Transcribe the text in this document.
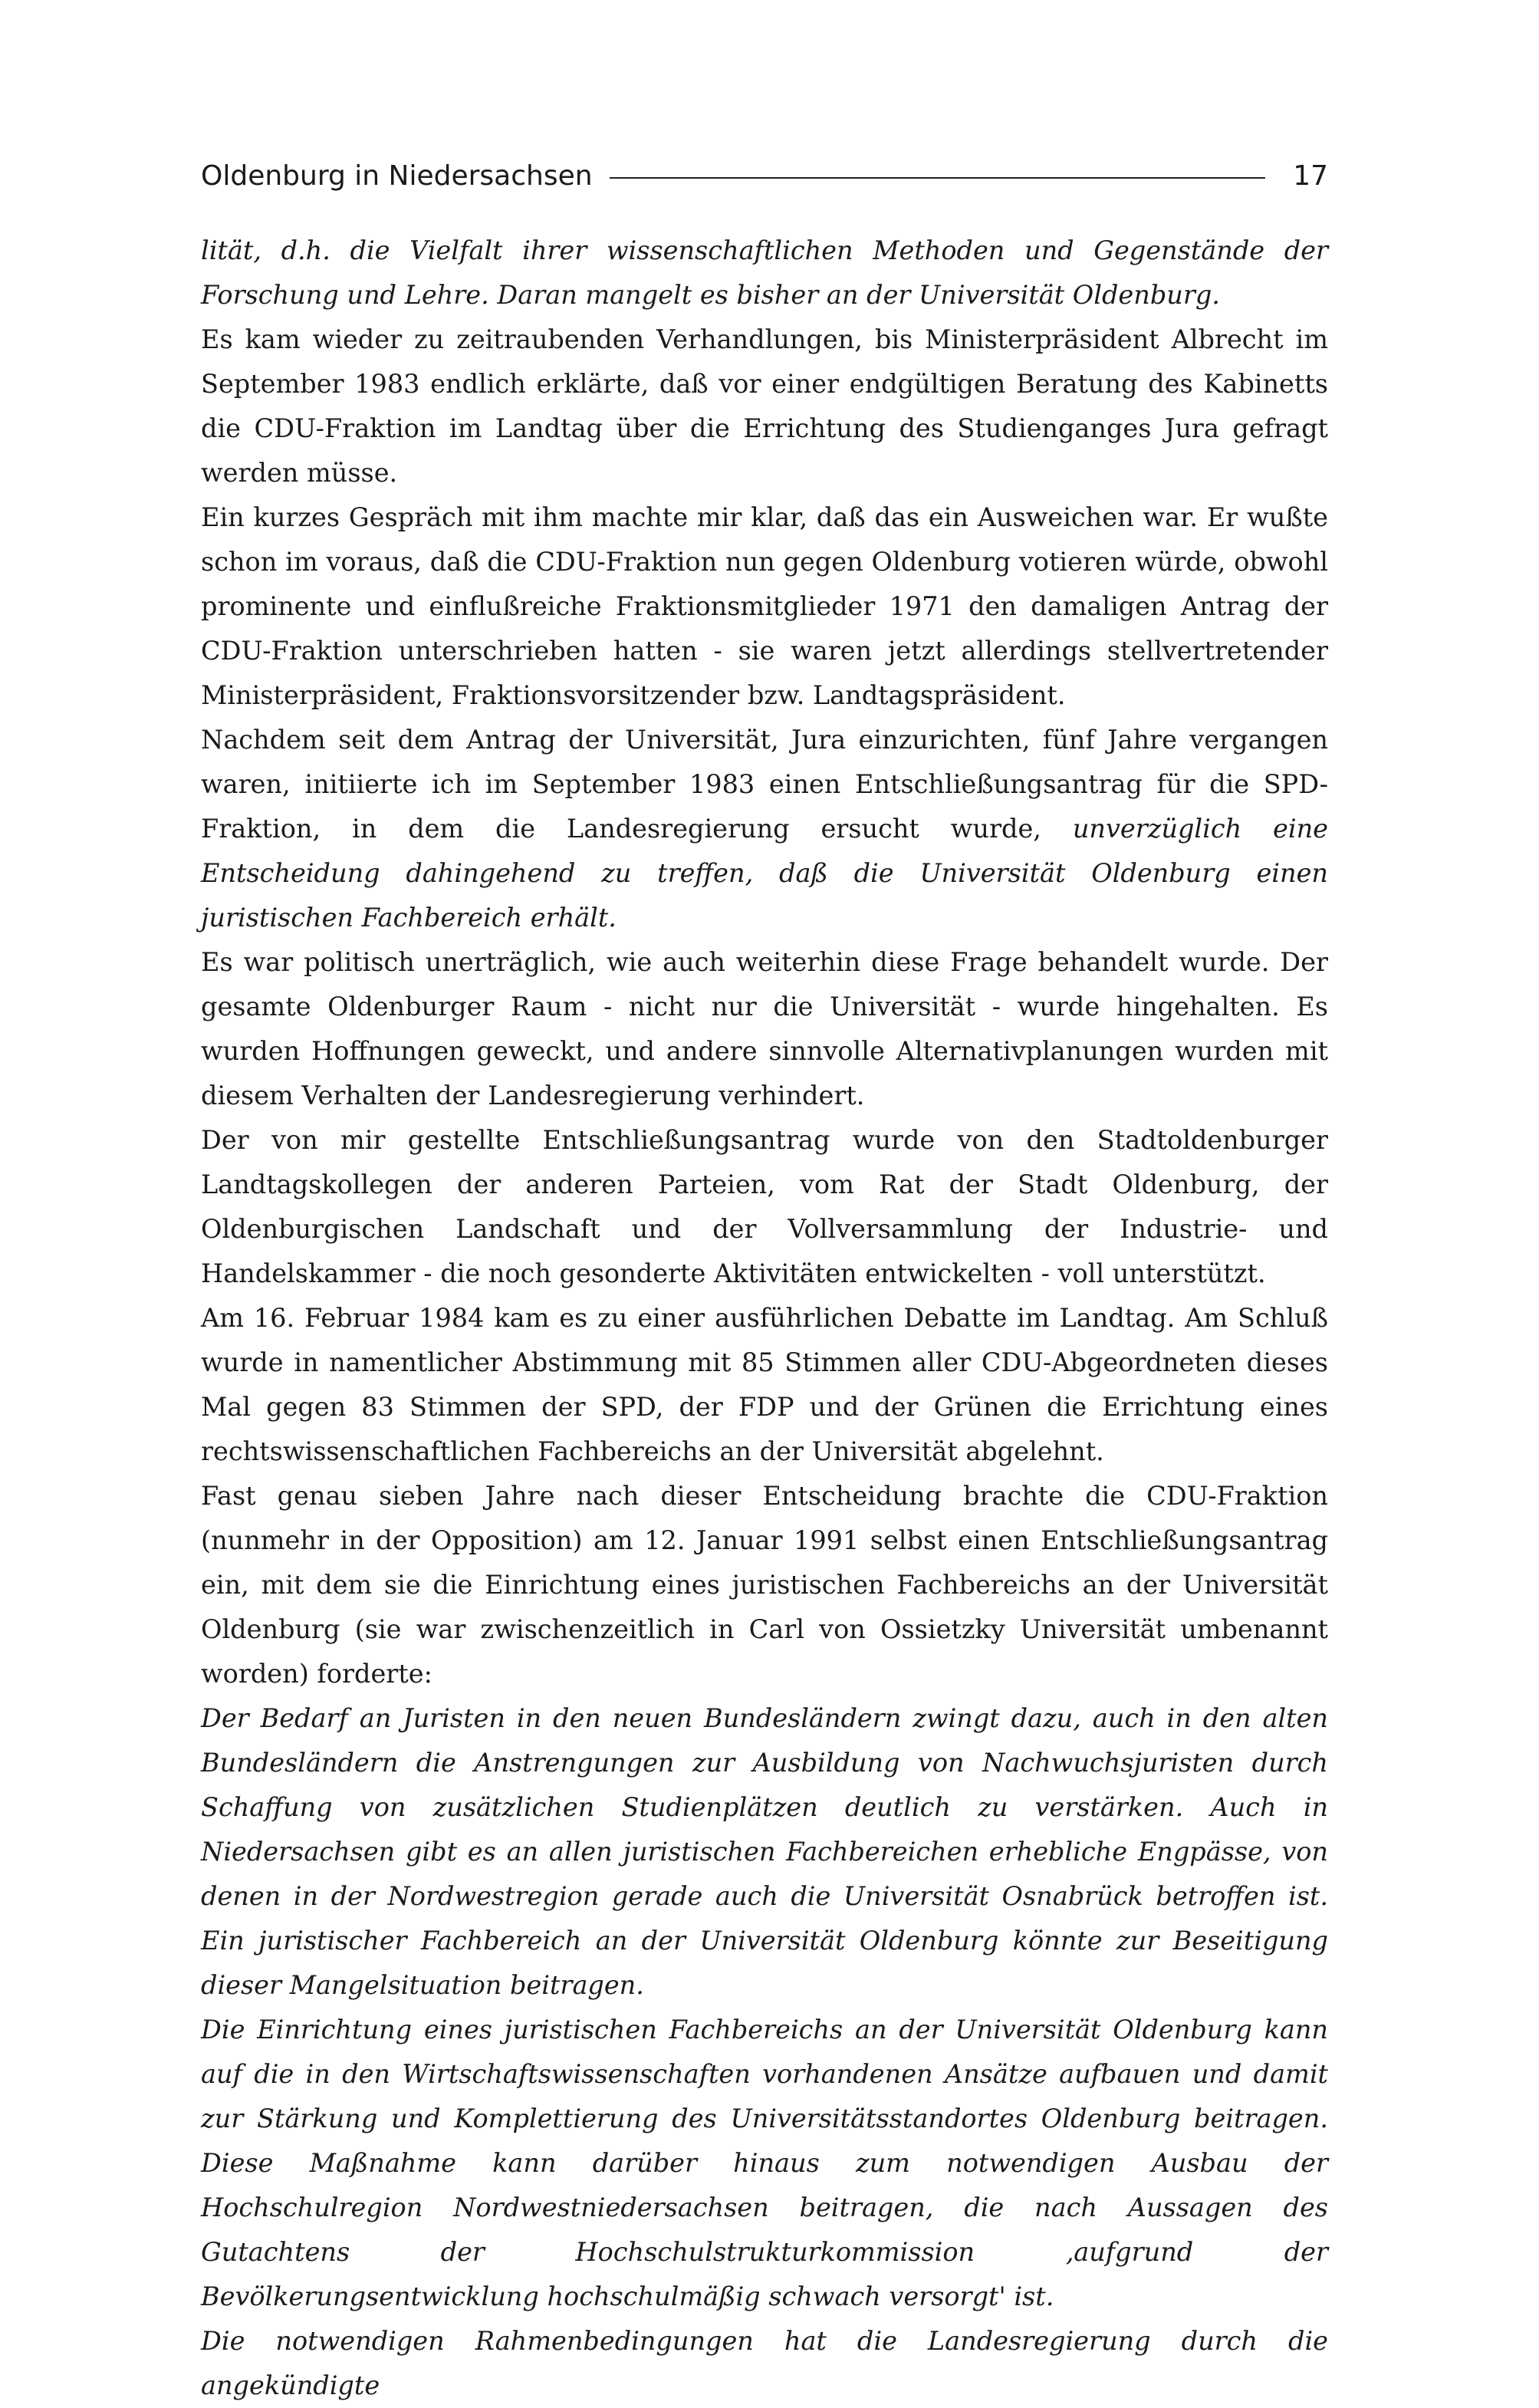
Oldenburg in Niedersachsen	17

lität, d.h. die Vielfalt ihrer wissenschaftlichen Methoden und Gegenstände der Forschung und Lehre. Daran mangelt es bisher an der Universität Oldenburg.

Es kam wieder zu zeitraubenden Verhandlungen, bis Ministerpräsident Albrecht im September 1983 endlich erklärte, daß vor einer endgültigen Beratung des Kabinetts die CDU-Fraktion im Landtag über die Errichtung des Studienganges Jura gefragt werden müsse.

Ein kurzes Gespräch mit ihm machte mir klar, daß das ein Ausweichen war. Er wußte schon im voraus, daß die CDU-Fraktion nun gegen Oldenburg votieren würde, obwohl prominente und einflußreiche Fraktionsmitglieder 1971 den damaligen Antrag der CDU-Fraktion unterschrieben hatten - sie waren jetzt allerdings stellvertretender Ministerpräsident, Fraktionsvorsitzender bzw. Landtagspräsident.

Nachdem seit dem Antrag der Universität, Jura einzurichten, fünf Jahre vergangen waren, initiierte ich im September 1983 einen Entschließungsantrag für die SPD-Fraktion, in dem die Landesregierung ersucht wurde, unverzüglich eine Entscheidung dahingehend zu treffen, daß die Universität Oldenburg einen juristischen Fachbereich erhält.

Es war politisch unerträglich, wie auch weiterhin diese Frage behandelt wurde. Der gesamte Oldenburger Raum - nicht nur die Universität - wurde hingehalten. Es wurden Hoffnungen geweckt, und andere sinnvolle Alternativplanungen wurden mit diesem Verhalten der Landesregierung verhindert.

Der von mir gestellte Entschließungsantrag wurde von den Stadtoldenburger Landtagskollegen der anderen Parteien, vom Rat der Stadt Oldenburg, der Oldenburgischen Landschaft und der Vollversammlung der Industrie- und Handelskammer - die noch gesonderte Aktivitäten entwickelten - voll unterstützt.

Am 16. Februar 1984 kam es zu einer ausführlichen Debatte im Landtag. Am Schluß wurde in namentlicher Abstimmung mit 85 Stimmen aller CDU-Abgeordneten dieses Mal gegen 83 Stimmen der SPD, der FDP und der Grünen die Errichtung eines rechtswissenschaftlichen Fachbereichs an der Universität abgelehnt.

Fast genau sieben Jahre nach dieser Entscheidung brachte die CDU-Fraktion (nunmehr in der Opposition) am 12. Januar 1991 selbst einen Entschließungsantrag ein, mit dem sie die Einrichtung eines juristischen Fachbereichs an der Universität Oldenburg (sie war zwischenzeitlich in Carl von Ossietzky Universität umbenannt worden) forderte:

Der Bedarf an Juristen in den neuen Bundesländern zwingt dazu, auch in den alten Bundesländern die Anstrengungen zur Ausbildung von Nachwuchsjuristen durch Schaffung von zusätzlichen Studienplätzen deutlich zu verstärken. Auch in Niedersachsen gibt es an allen juristischen Fachbereichen erhebliche Engpässe, von denen in der Nordwestregion gerade auch die Universität Osnabrück betroffen ist. Ein juristischer Fachbereich an der Universität Oldenburg könnte zur Beseitigung dieser Mangelsituation beitragen.

Die Einrichtung eines juristischen Fachbereichs an der Universität Oldenburg kann auf die in den Wirtschaftswissenschaften vorhandenen Ansätze aufbauen und damit zur Stärkung und Komplettierung des Universitätsstandortes Oldenburg beitragen. Diese Maßnahme kann darüber hinaus zum notwendigen Ausbau der Hochschulregion Nordwestniedersachsen beitragen, die nach Aussagen des Gutachtens der Hochschulstrukturkommission ‚aufgrund der Bevölkerungsentwicklung hochschulmäßig schwach versorgt' ist.

Die notwendigen Rahmenbedingungen hat die Landesregierung durch die angekündigte
